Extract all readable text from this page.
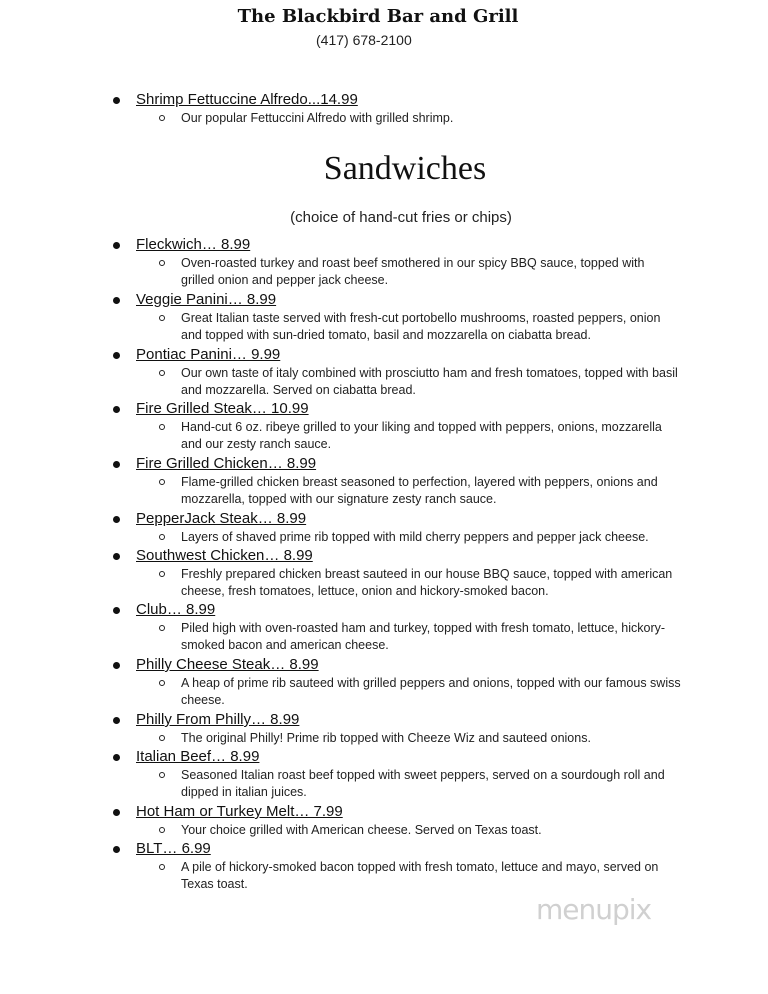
The Blackbird Bar and Grill
(417) 678-2100
Shrimp Fettuccine Alfredo...14.99
Our popular Fettuccini Alfredo with grilled shrimp.
Sandwiches
(choice of hand-cut fries or chips)
Fleckwich… 8.99
Oven-roasted turkey and roast beef smothered in our spicy BBQ sauce, topped with grilled onion and pepper jack cheese.
Veggie Panini… 8.99
Great Italian taste served with fresh-cut portobello mushrooms, roasted peppers, onion and topped with sun-dried tomato, basil and mozzarella on ciabatta bread.
Pontiac Panini… 9.99
Our own taste of italy combined with prosciutto ham and fresh tomatoes, topped with basil and mozzarella. Served on ciabatta bread.
Fire Grilled Steak… 10.99
Hand-cut 6 oz. ribeye grilled to your liking and topped with peppers, onions, mozzarella and our zesty ranch sauce.
Fire Grilled Chicken… 8.99
Flame-grilled chicken breast seasoned to perfection, layered with peppers, onions and mozzarella, topped with our signature zesty ranch sauce.
PepperJack Steak… 8.99
Layers of shaved prime rib topped with mild cherry peppers and pepper jack cheese.
Southwest Chicken… 8.99
Freshly prepared chicken breast sauteed in our house BBQ sauce, topped with american cheese, fresh tomatoes, lettuce, onion and hickory-smoked bacon.
Club… 8.99
Piled high with oven-roasted ham and turkey, topped with fresh tomato, lettuce, hickory-smoked bacon and american cheese.
Philly Cheese Steak… 8.99
A heap of prime rib sauteed with grilled peppers and onions, topped with our famous swiss cheese.
Philly From Philly… 8.99
The original Philly! Prime rib topped with Cheeze Wiz and sauteed onions.
Italian Beef… 8.99
Seasoned Italian roast beef topped with sweet peppers, served on a sourdough roll and dipped in italian juices.
Hot Ham or Turkey Melt… 7.99
Your choice grilled with American cheese. Served on Texas toast.
BLT… 6.99
A pile of hickory-smoked bacon topped with fresh tomato, lettuce and mayo, served on Texas toast.
menupix
